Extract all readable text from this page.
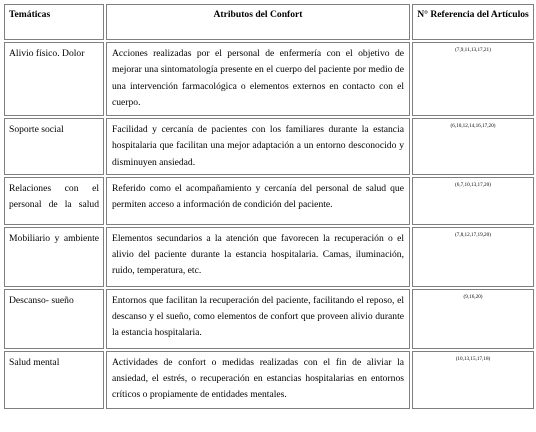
Temáticas	Atributos del Confort	N° Referencia del Artículos
Alivio físico. Dolor	Acciones realizadas por el personal de enfermería con el objetivo de mejorar una sintomatología presente en el cuerpo del paciente por medio de una intervención farmacológica o elementos externos en contacto con el cuerpo.	(7,9,11,13,17,21)
Soporte social	Facilidad y cercanía de pacientes con los familiares durante la estancia hospitalaria que facilitan una mejor adaptación a un entorno desconocido y disminuyen ansiedad.	(6,10,12,14,16,17,20)
Relaciones con el personal de la salud	Referido como el acompañamiento y cercanía del personal de salud que permiten acceso a información de condición del paciente.	(6,7,10,13,17,20)
Mobiliario y ambiente	Elementos secundarios a la atención que favorecen la recuperación o el alivio del paciente durante la estancia hospitalaria. Camas, iluminación, ruido, temperatura, etc.	(7,8,12,17,19,20)
Descanso- sueño	Entornos que facilitan la recuperación del paciente, facilitando el reposo, el descanso y el sueño, como elementos de confort que proveen alivio durante la estancia hospitalaria.	(9,16,20)
Salud mental	Actividades de confort o medidas realizadas con el fin de aliviar la ansiedad, el estrés, o recuperación en estancias hospitalarias en entornos críticos o propiamente de entidades mentales.	(10,13,15,17,18)
